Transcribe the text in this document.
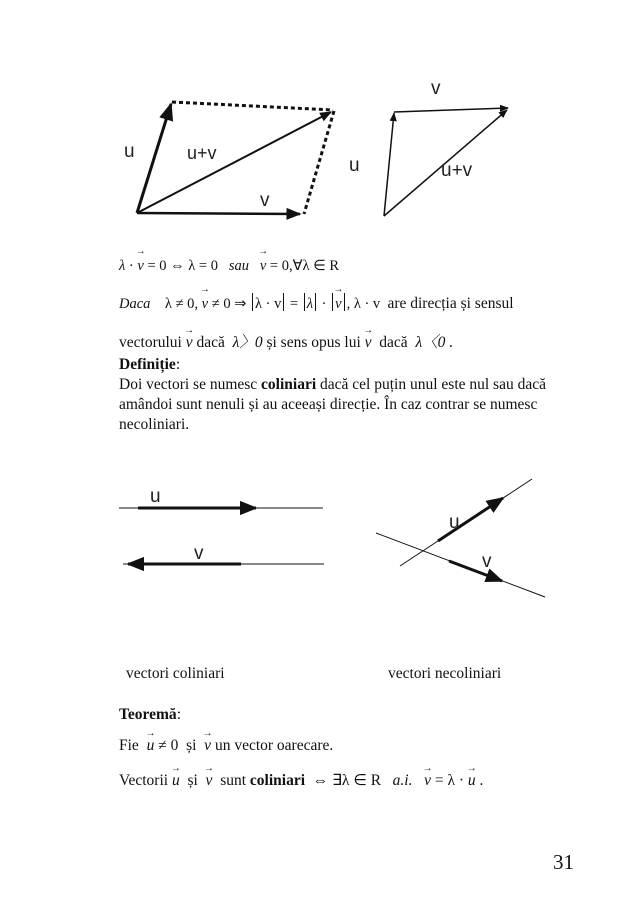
u	u+v
v
v
u	u+v
u
v
u
v
λ · → v = 0 ⇔ λ = 0 sau → v = 0,∀λ ∈ R
Daca λ ≠ 0, → v ≠ 0 ⇒ λ · v = λ · → v , λ · v are direcția și sensul
vectorului → v dacă λ〉0 și sens opus lui → v dacă λ〈0 .
Definiție:
Doi vectori se numesc coliniari dacă cel puțin unul este nul sau dacă amândoi sunt nenuli și au aceeași direcție. În caz contrar se numesc necoliniari.
vectori coliniari	vectori necoliniari
Teoremă:
Fie → u ≠ 0 și → v un vector oarecare.
Vectorii → u și → v sunt coliniari ⇔ ∃λ ∈ R a.i. → v = λ · → u .
31
